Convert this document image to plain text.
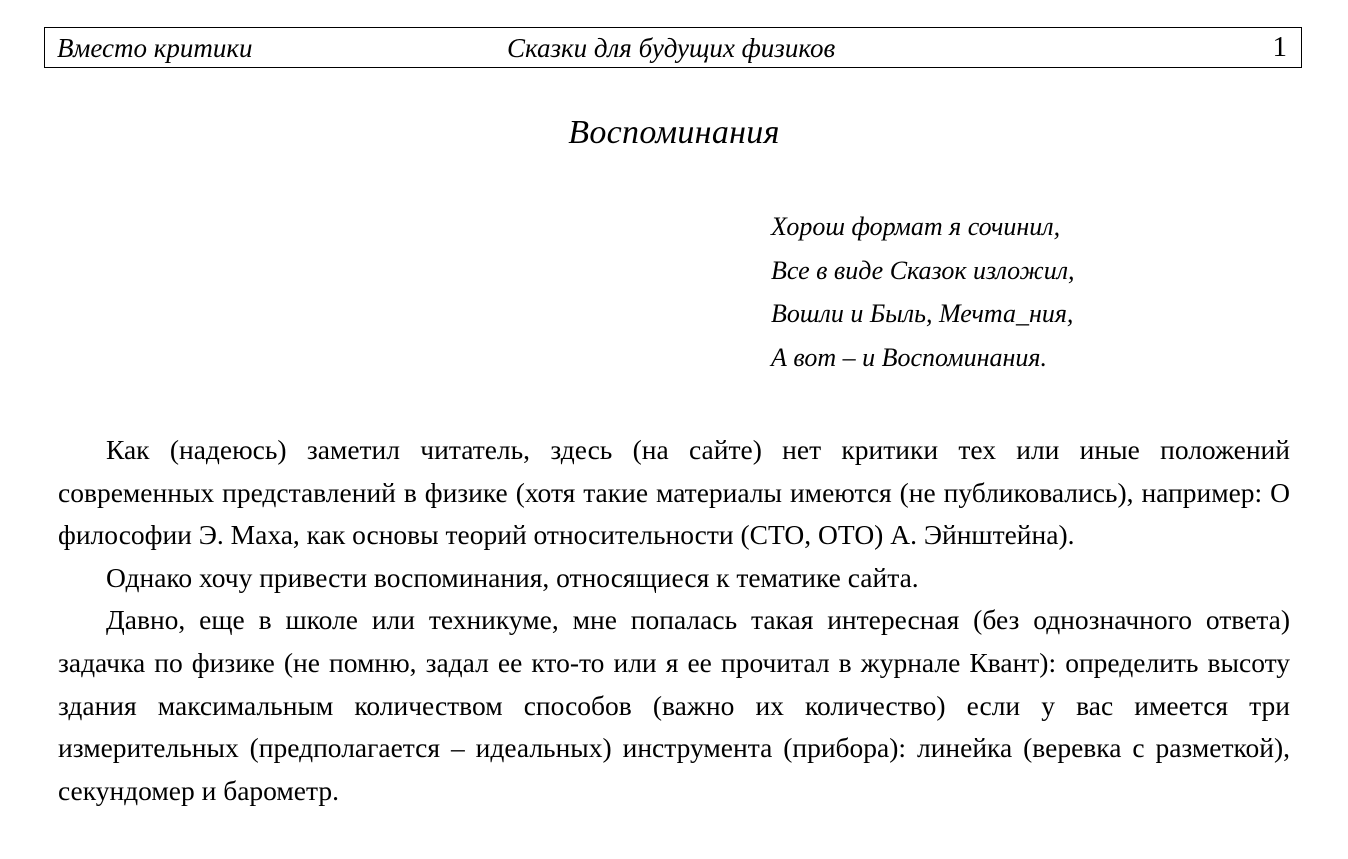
Вместо критики	Сказки для будущих физиков	1
Воспоминания
Хорош формат я сочинил,
Все в виде Сказок изложил,
Вошли и Быль, Мечта_ния,
А вот – и Воспоминания.

Как (надеюсь) заметил читатель, здесь (на сайте) нет критики тех или иные положений современных представлений в физике (хотя такие материалы имеются (не публиковались), например: О философии Э. Маха, как основы теорий относительности (СТО, ОТО) А. Эйнштейна).

Однако хочу привести воспоминания, относящиеся к тематике сайта.

Давно, еще в школе или техникуме, мне попалась такая интересная (без однозначного ответа) задачка по физике (не помню, задал ее кто-то или я ее прочитал в журнале Квант): определить высоту здания максимальным количеством способов (важно их количество) если у вас имеется три измерительных (предполагается – идеальных) инструмента (прибора): линейка (веревка с разметкой), секундомер и барометр.
